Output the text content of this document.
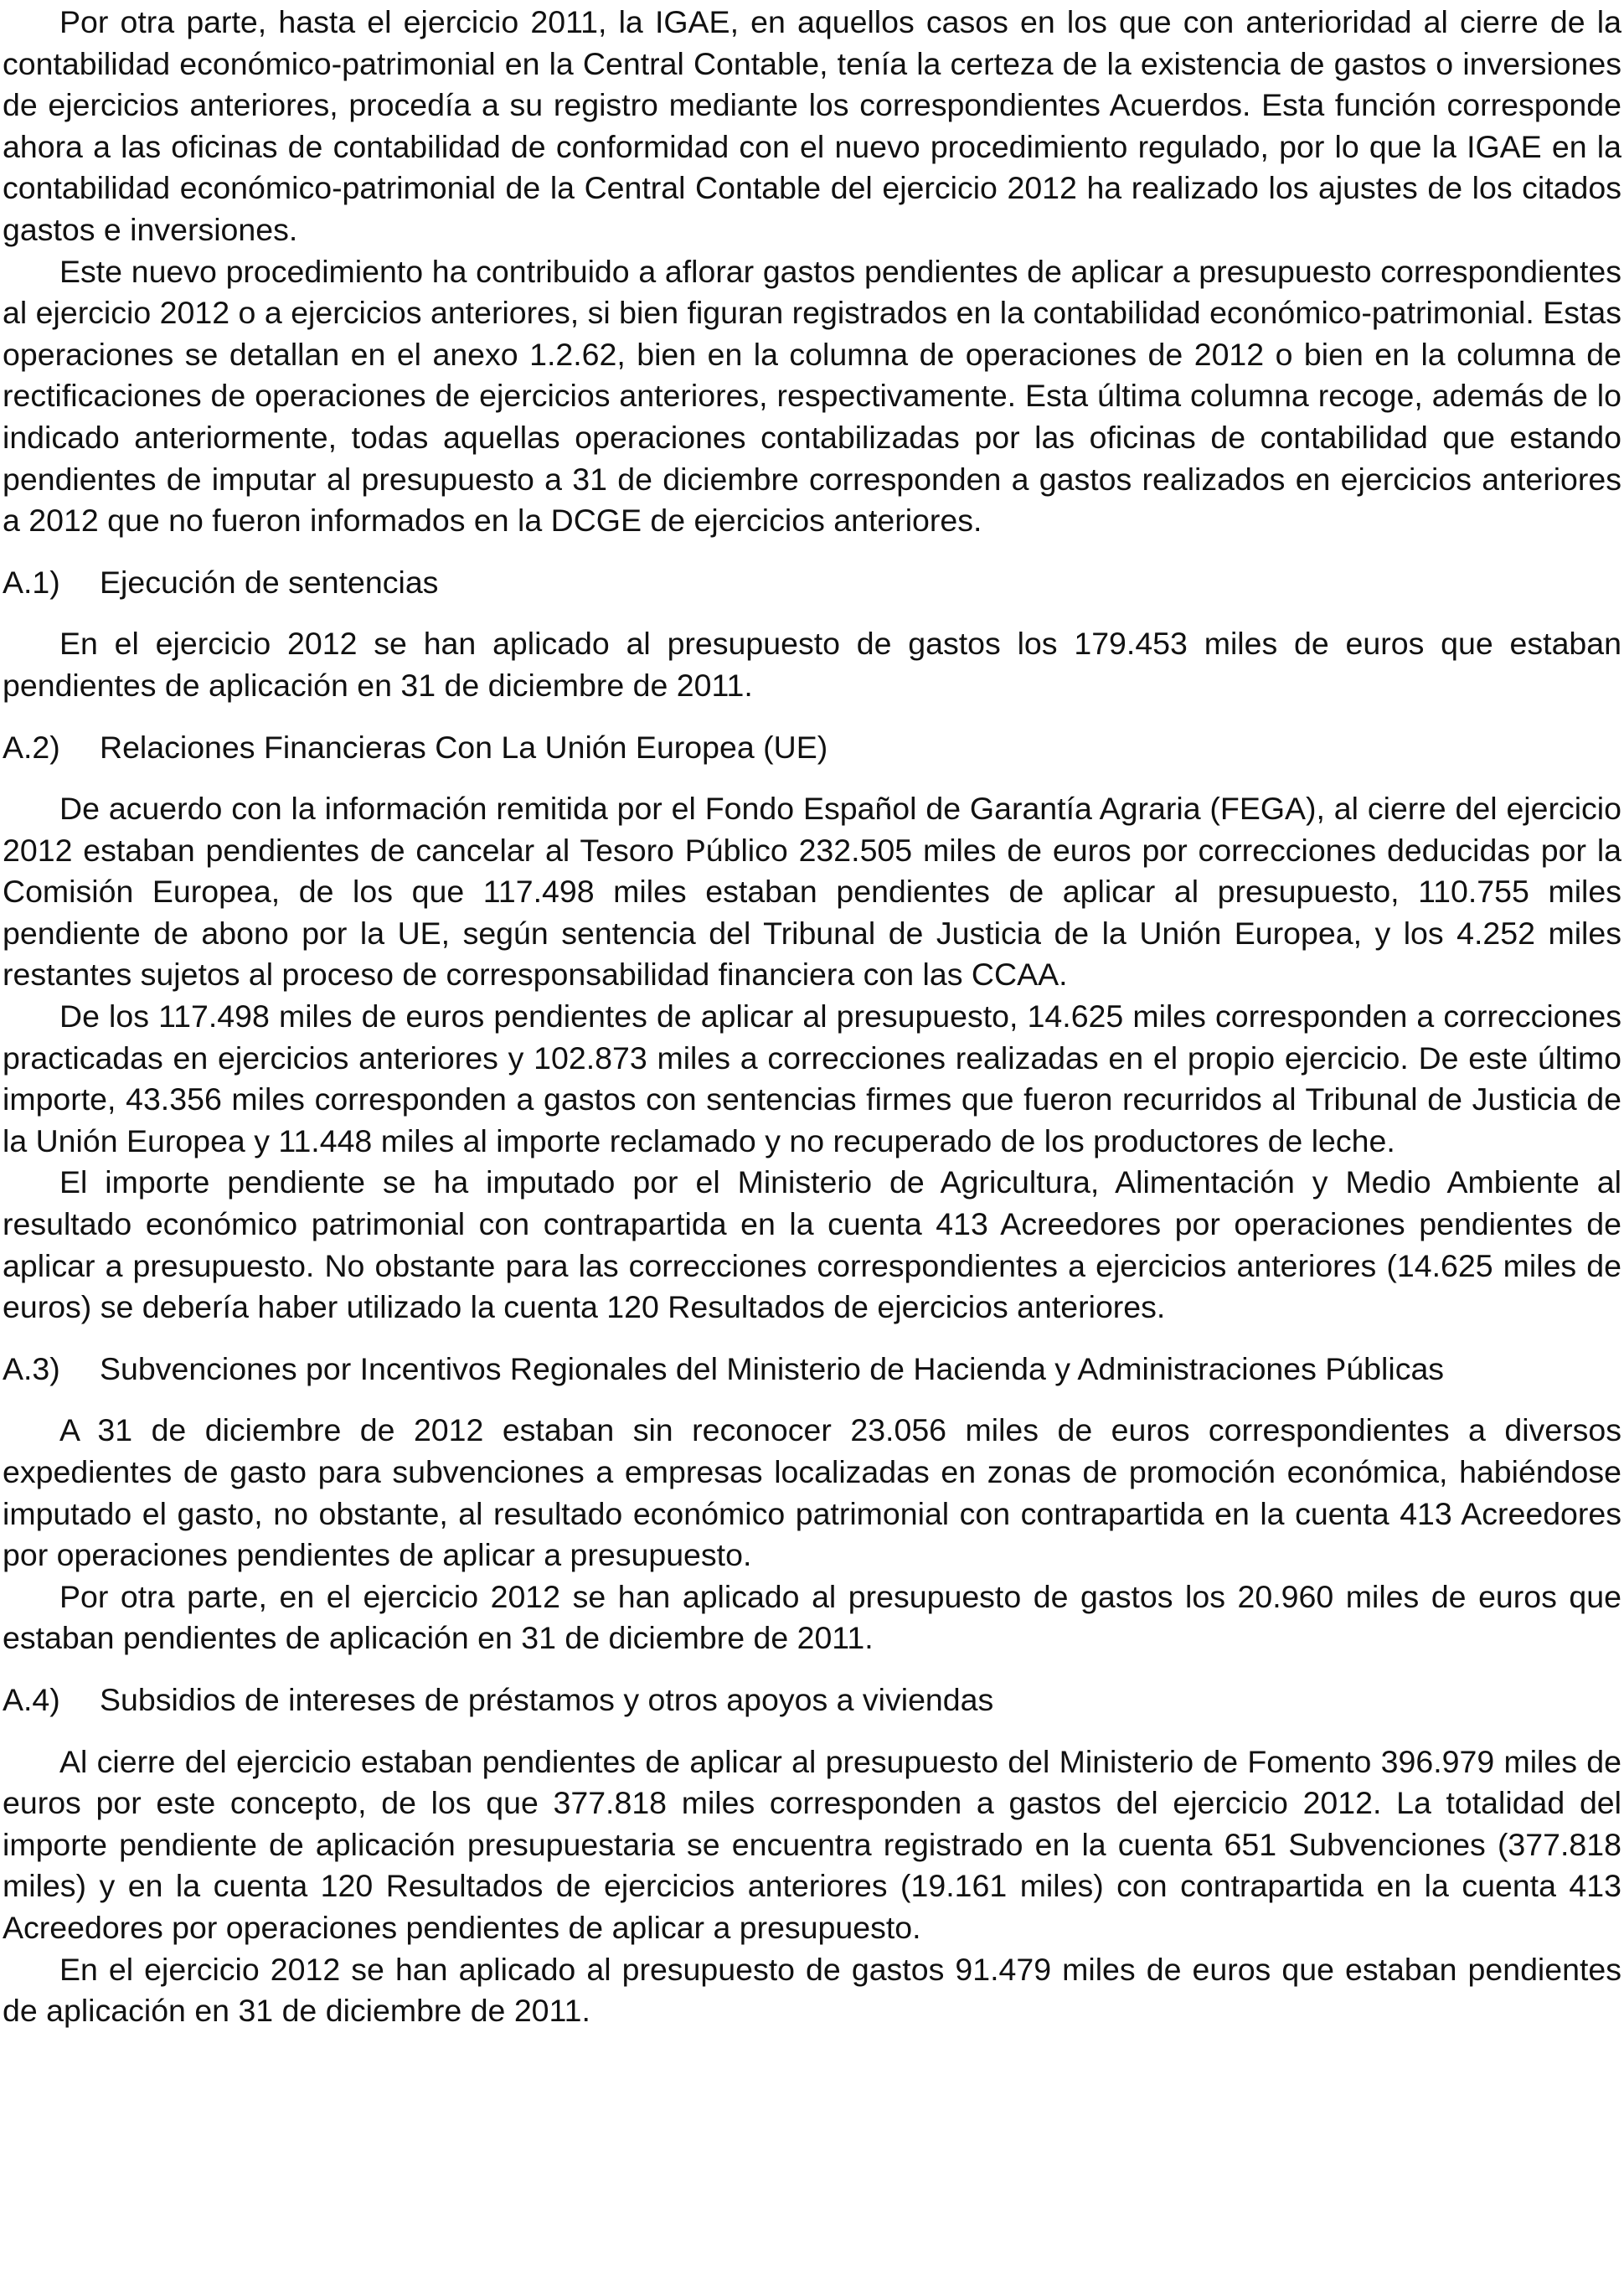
Por otra parte, hasta el ejercicio 2011, la IGAE, en aquellos casos en los que con anterioridad al cierre de la contabilidad económico-patrimonial en la Central Contable, tenía la certeza de la existencia de gastos o inversiones de ejercicios anteriores, procedía a su registro mediante los correspondientes Acuerdos. Esta función corresponde ahora a las oficinas de contabilidad de conformidad con el nuevo procedimiento regulado, por lo que la IGAE en la contabilidad económico-patrimonial de la Central Contable del ejercicio 2012 ha realizado los ajustes de los citados gastos e inversiones.

Este nuevo procedimiento ha contribuido a aflorar gastos pendientes de aplicar a presupuesto correspondientes al ejercicio 2012 o a ejercicios anteriores, si bien figuran registrados en la contabilidad económico-patrimonial. Estas operaciones se detallan en el anexo 1.2.62, bien en la columna de operaciones de 2012 o bien en la columna de rectificaciones de operaciones de ejercicios anteriores, respectivamente. Esta última columna recoge, además de lo indicado anteriormente, todas aquellas operaciones contabilizadas por las oficinas de contabilidad que estando pendientes de imputar al presupuesto a 31 de diciembre corresponden a gastos realizados en ejercicios anteriores a 2012 que no fueron informados en la DCGE de ejercicios anteriores.

A.1)	Ejecución de sentencias

En el ejercicio 2012 se han aplicado al presupuesto de gastos los 179.453 miles de euros que estaban pendientes de aplicación en 31 de diciembre de 2011.

A.2)	Relaciones Financieras Con La Unión Europea (UE)

De acuerdo con la información remitida por el Fondo Español de Garantía Agraria (FEGA), al cierre del ejercicio 2012 estaban pendientes de cancelar al Tesoro Público 232.505 miles de euros por correcciones deducidas por la Comisión Europea, de los que 117.498 miles estaban pendientes de aplicar al presupuesto, 110.755 miles pendiente de abono por la UE, según sentencia del Tribunal de Justicia de la Unión Europea, y los 4.252 miles restantes sujetos al proceso de corresponsabilidad financiera con las CCAA.

De los 117.498 miles de euros pendientes de aplicar al presupuesto, 14.625 miles corresponden a correcciones practicadas en ejercicios anteriores y 102.873 miles a correcciones realizadas en el propio ejercicio. De este último importe, 43.356 miles corresponden a gastos con sentencias firmes que fueron recurridos al Tribunal de Justicia de la Unión Europea y 11.448 miles al importe reclamado y no recuperado de los productores de leche.

El importe pendiente se ha imputado por el Ministerio de Agricultura, Alimentación y Medio Ambiente al resultado económico patrimonial con contrapartida en la cuenta 413 Acreedores por operaciones pendientes de aplicar a presupuesto. No obstante para las correcciones correspondientes a ejercicios anteriores (14.625 miles de euros) se debería haber utilizado la cuenta 120 Resultados de ejercicios anteriores.

A.3)	Subvenciones por Incentivos Regionales del Ministerio de Hacienda y Administraciones Públicas

A 31 de diciembre de 2012 estaban sin reconocer 23.056 miles de euros correspondientes a diversos expedientes de gasto para subvenciones a empresas localizadas en zonas de promoción económica, habiéndose imputado el gasto, no obstante, al resultado económico patrimonial con contrapartida en la cuenta 413 Acreedores por operaciones pendientes de aplicar a presupuesto.

Por otra parte, en el ejercicio 2012 se han aplicado al presupuesto de gastos los 20.960 miles de euros que estaban pendientes de aplicación en 31 de diciembre de 2011.

A.4)	Subsidios de intereses de préstamos y otros apoyos a viviendas

Al cierre del ejercicio estaban pendientes de aplicar al presupuesto del Ministerio de Fomento 396.979 miles de euros por este concepto, de los que 377.818 miles corresponden a gastos del ejercicio 2012. La totalidad del importe pendiente de aplicación presupuestaria se encuentra registrado en la cuenta 651 Subvenciones (377.818 miles) y en la cuenta 120 Resultados de ejercicios anteriores (19.161 miles) con contrapartida en la cuenta 413 Acreedores por operaciones pendientes de aplicar a presupuesto.

En el ejercicio 2012 se han aplicado al presupuesto de gastos 91.479 miles de euros que estaban pendientes de aplicación en 31 de diciembre de 2011.
